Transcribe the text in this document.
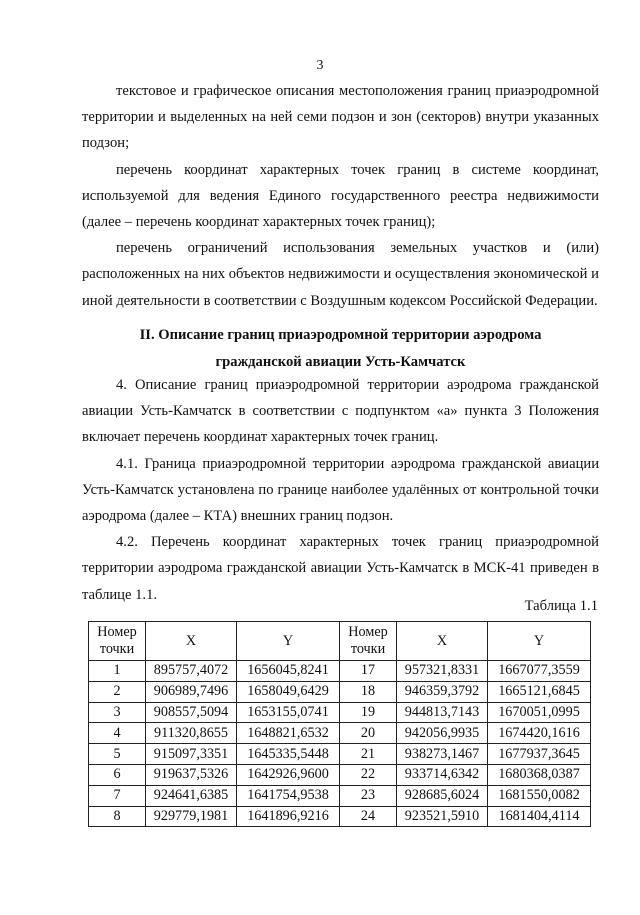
3

текстовое и графическое описания местоположения границ приаэродромной территории и выделенных на ней семи подзон и зон (секторов) внутри указанных подзон;

перечень координат характерных точек границ в системе координат, используемой для ведения Единого государственного реестра недвижимости (далее – перечень координат характерных точек границ);

перечень ограничений использования земельных участков и (или) расположенных на них объектов недвижимости и осуществления экономической и иной деятельности в соответствии с Воздушным кодексом Российской Федерации.

II. Описание границ приаэродромной территории аэродрома
гражданской авиации Усть-Камчатск

4. Описание границ приаэродромной территории аэродрома гражданской авиации Усть-Камчатск в соответствии с подпунктом «а» пункта 3 Положения включает перечень координат характерных точек границ.

4.1. Граница приаэродромной территории аэродрома гражданской авиации Усть-Камчатск установлена по границе наиболее удалённых от контрольной точки аэродрома (далее – КТА) внешних границ подзон.

4.2. Перечень координат характерных точек границ приаэродромной территории аэродрома гражданской авиации Усть-Камчатск в МСК-41 приведен в таблице 1.1.

Таблица 1.1
Номер точки	X	Y	Номер точки	X	Y
1	895757,4072	1656045,8241	17	957321,8331	1667077,3559
2	906989,7496	1658049,6429	18	946359,3792	1665121,6845
3	908557,5094	1653155,0741	19	944813,7143	1670051,0995
4	911320,8655	1648821,6532	20	942056,9935	1674420,1616
5	915097,3351	1645335,5448	21	938273,1467	1677937,3645
6	919637,5326	1642926,9600	22	933714,6342	1680368,0387
7	924641,6385	1641754,9538	23	928685,6024	1681550,0082
8	929779,1981	1641896,9216	24	923521,5910	1681404,4114
